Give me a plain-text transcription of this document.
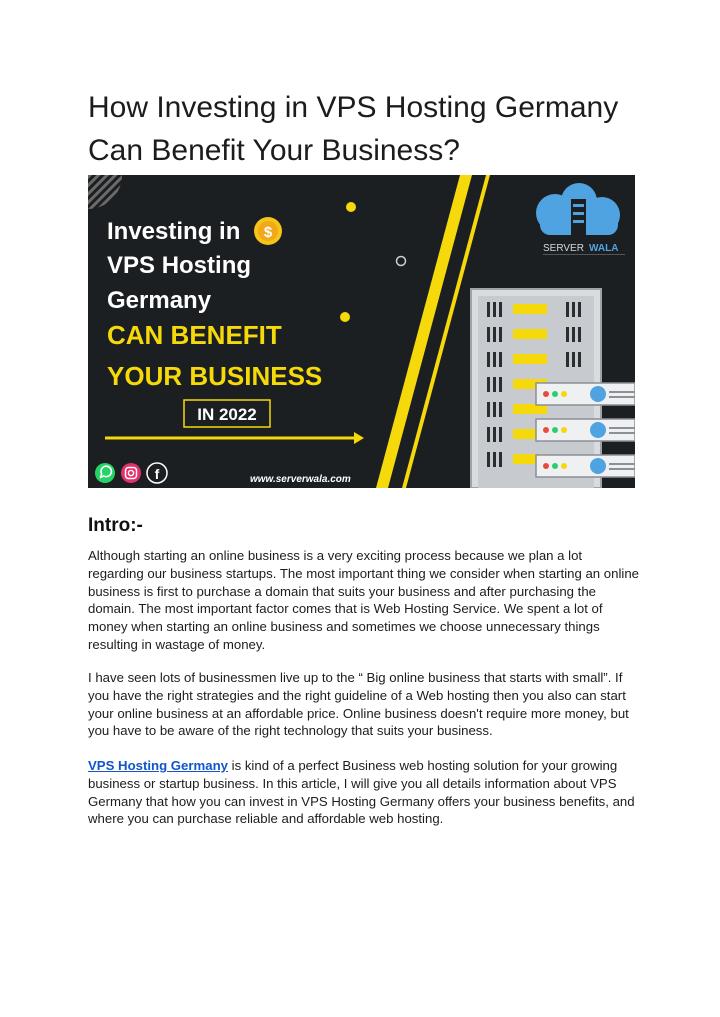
How Investing in VPS Hosting Germany Can Benefit Your Business?
Investing in
VPS Hosting
Germany
CAN BENEFIT
YOUR BUSINESS
$
IN 2022
f	www.serverwala.com
SERVER WALA
Intro:-

Although starting an online business is a very exciting process because we plan a lot regarding our business startups. The most important thing we consider when starting an online business is first to purchase a domain that suits your business and after purchasing the domain. The most important factor comes that is Web Hosting Service. We spent a lot of money when starting an online business and sometimes we choose unnecessary things resulting in wastage of money.

I have seen lots of businessmen live up to the “ Big online business that starts with small”. If you have the right strategies and the right guideline of a Web hosting then you also can start your online business at an affordable price. Online business doesn't require more money, but you have to be aware of the right technology that suits your business.

VPS Hosting Germany is kind of a perfect Business web hosting solution for your growing business or startup business. In this article, I will give you all details information about VPS Germany that how you can invest in VPS Hosting Germany offers your business benefits, and where you can purchase reliable and affordable web hosting.
